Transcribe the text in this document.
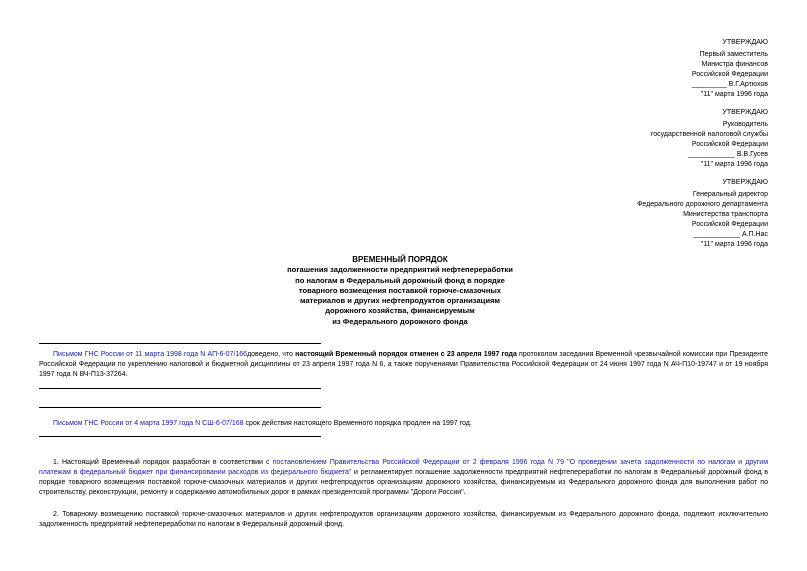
УТВЕРЖДАЮ
Первый заместитель
Министра финансов
Российской Федерации
_________ В.Г.Артюхов
"11" марта 1996 года
УТВЕРЖДАЮ
Руководитель
государственной налоговой службы
Российской Федерации
____________ В.В.Гусев
"11" марта 1996 года
УТВЕРЖДАЮ
Генеральный директор
Федерального дорожного департамента
Министерства транспорта
Российской Федерации
____________ А.П.Нас
"11" марта 1996 года
ВРЕМЕННЫЙ ПОРЯДОК
погашения задолженности предприятий нефтепереработки
по налогам в Федеральный дорожный фонд в порядке
товарного возмещения поставкой горюче-смазочных
материалов и других нефтепродуктов организациям
дорожного хозяйства, финансируемым
из Федерального дорожного фонда
Письмом ГНС России от 11 марта 1998 года N АП-6-07/166доведено, что настоящий Временный порядок отменен с 23 апреля 1997 года протоколом заседания Временной чрезвычайной комиссии при Президенте Российской Федерации по укреплению налоговой и бюджетной дисциплины от 23 апреля 1997 года N 6, а также поручениями Правительства Российской Федерации от 24 июня 1997 года N АЧ-П10-19747 и от 19 ноября 1997 года N ВЧ-П13-37264.
Письмом ГНС России от 4 марта 1997 года N СШ-6-07/168 срок действия настоящего Временного порядка продлен на 1997 год.
1. Настоящий Временный порядок разработан в соответствии с постановлением Правительства Российской Федерации от 2 февраля 1996 года N 79 "О проведении зачета задолженности по налогам и другим платежам в федеральный бюджет при финансировании расходов из федерального бюджета" и регламентирует погашение задолженности предприятий нефтепереработки по налогам в Федеральный дорожный фонд в порядке товарного возмещения поставкой горюче-смазочных материалов и других нефтепродуктов организациям дорожного хозяйства, финансируемым из Федерального дорожного фонда для выполнения работ по строительству, реконструкции, ремонту и содержанию автомобильных дорог в рамках президентской программы "Дороги России".
2. Товарному возмещению поставкой горюче-смазочных материалов и других нефтепродуктов организациям дорожного хозяйства, финансируемым из Федерального дорожного фонда, подлежит исключительно задолженность предприятий нефтепереработки по налогам в Федеральный дорожный фонд.
